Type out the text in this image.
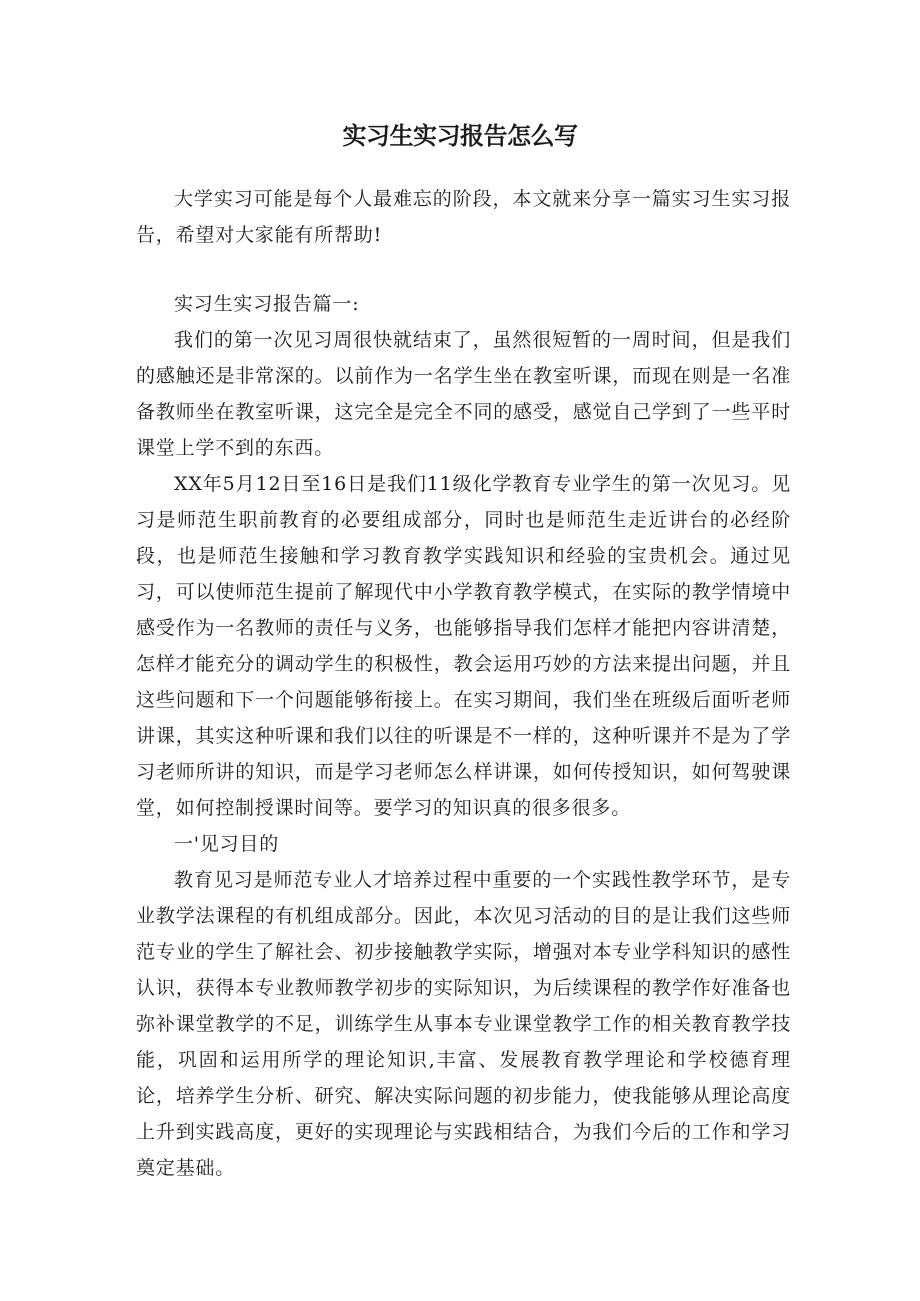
实习生实习报告怎么写

大学实习可能是每个人最难忘的阶段，本文就来分享一篇实习生实习报告，希望对大家能有所帮助!

实习生实习报告篇一:

我们的第一次见习周很快就结束了，虽然很短暂的一周时间，但是我们的感触还是非常深的。以前作为一名学生坐在教室听课，而现在则是一名准备教师坐在教室听课，这完全是完全不同的感受，感觉自己学到了一些平时课堂上学不到的东西。

XX年5月12日至16日是我们11级化学教育专业学生的第一次见习。见习是师范生职前教育的必要组成部分，同时也是师范生走近讲台的必经阶段，也是师范生接触和学习教育教学实践知识和经验的宝贵机会。通过见习，可以使师范生提前了解现代中小学教育教学模式，在实际的教学情境中感受作为一名教师的责任与义务，也能够指导我们怎样才能把内容讲清楚，怎样才能充分的调动学生的积极性，教会运用巧妙的方法来提出问题，并且这些问题和下一个问题能够衔接上。在实习期间，我们坐在班级后面听老师讲课，其实这种听课和我们以往的听课是不一样的，这种听课并不是为了学习老师所讲的知识，而是学习老师怎么样讲课，如何传授知识，如何驾驶课堂，如何控制授课时间等。要学习的知识真的很多很多。

一'见习目的

教育见习是师范专业人才培养过程中重要的一个实践性教学环节，是专业教学法课程的有机组成部分。因此，本次见习活动的目的是让我们这些师范专业的学生了解社会、初步接触教学实际，增强对本专业学科知识的感性认识，获得本专业教师教学初步的实际知识，为后续课程的教学作好准备也弥补课堂教学的不足，训练学生从事本专业课堂教学工作的相关教育教学技能，巩固和运用所学的理论知识,丰富、发展教育教学理论和学校德育理论，培养学生分析、研究、解决实际问题的初步能力，使我能够从理论高度上升到实践高度，更好的实现理论与实践相结合，为我们今后的工作和学习奠定基础。
